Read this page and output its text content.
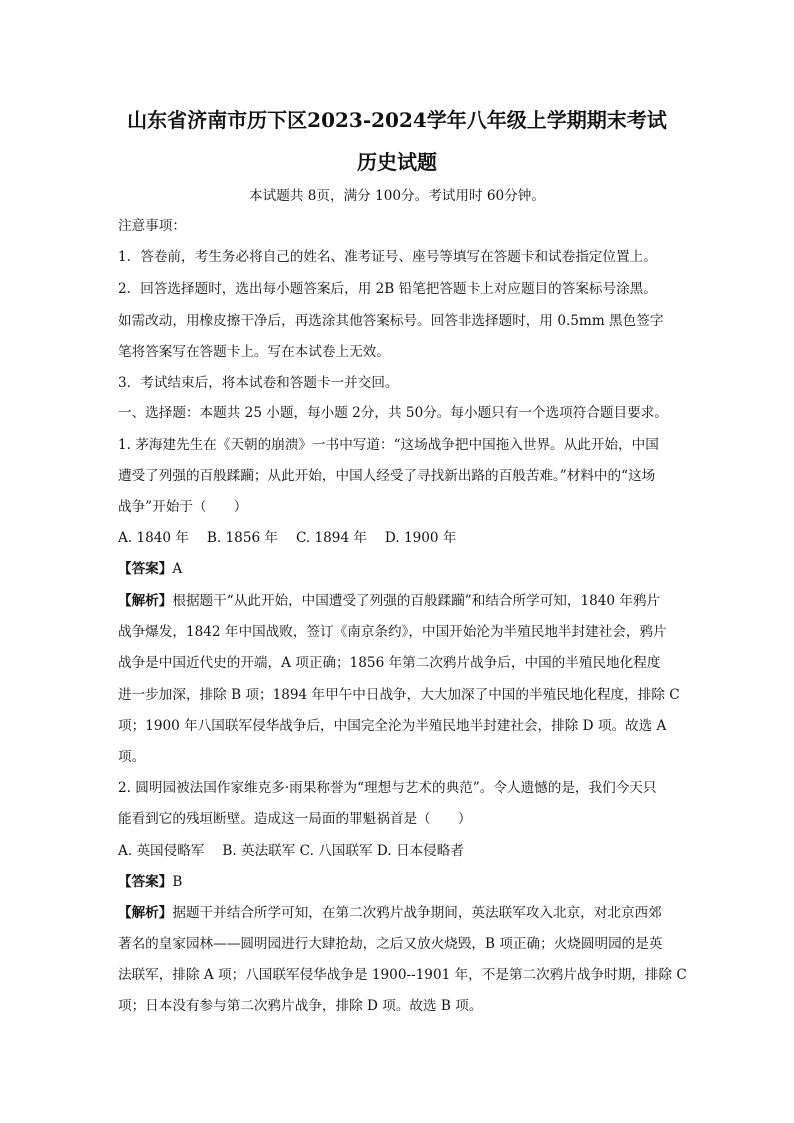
山东省济南市历下区2023-2024学年八年级上学期期末考试
历史试题
本试题共 8页，满分 100分。考试用时 60分钟。
注意事项：
1．答卷前，考生务必将自己的姓名、准考证号、座号等填写在答题卡和试卷指定位置上。
2．回答选择题时，选出每小题答案后，用 2B 铅笔把答题卡上对应题目的答案标号涂黑。
如需改动，用橡皮擦干净后，再选涂其他答案标号。回答非选择题时，用 0.5mm 黑色签字
笔将答案写在答题卡上。写在本试卷上无效。
3．考试结束后，将本试卷和答题卡一并交回。
一、选择题：本题共 25 小题，每小题 2分，共 50分。每小题只有一个选项符合题目要求。
1. 茅海建先生在《天朝的崩溃》一书中写道：“这场战争把中国拖入世界。从此开始，中国
遭受了列强的百般蹂躏；从此开始，中国人经受了寻找新出路的百般苦难。”材料中的“这场
战争”开始于（　　）
A. 1840 年　 B. 1856 年　 C. 1894 年　 D. 1900 年
【答案】A
【解析】根据题干“从此开始，中国遭受了列强的百般蹂躏”和结合所学可知，1840 年鸦片
战争爆发，1842 年中国战败，签订《南京条约》，中国开始沦为半殖民地半封建社会，鸦片
战争是中国近代史的开端，A 项正确；1856 年第二次鸦片战争后，中国的半殖民地化程度
进一步加深，排除 B 项；1894 年甲午中日战争，大大加深了中国的半殖民地化程度，排除 C
项；1900 年八国联军侵华战争后，中国完全沦为半殖民地半封建社会，排除 D 项。故选 A
项。
2. 圆明园被法国作家维克多·雨果称誉为“理想与艺术的典范”。令人遗憾的是，我们今天只
能看到它的残垣断壁。造成这一局面的罪魁祸首是（　　）
A. 英国侵略军　 B. 英法联军 C. 八国联军 D. 日本侵略者
【答案】B
【解析】据题干并结合所学可知，在第二次鸦片战争期间，英法联军攻入北京，对北京西郊
著名的皇家园林——圆明园进行大肆抢劫，之后又放火烧毁，B 项正确；火烧圆明园的是英
法联军，排除 A 项；八国联军侵华战争是 1900--1901 年，不是第二次鸦片战争时期，排除 C
项；日本没有参与第二次鸦片战争，排除 D 项。故选 B 项。
